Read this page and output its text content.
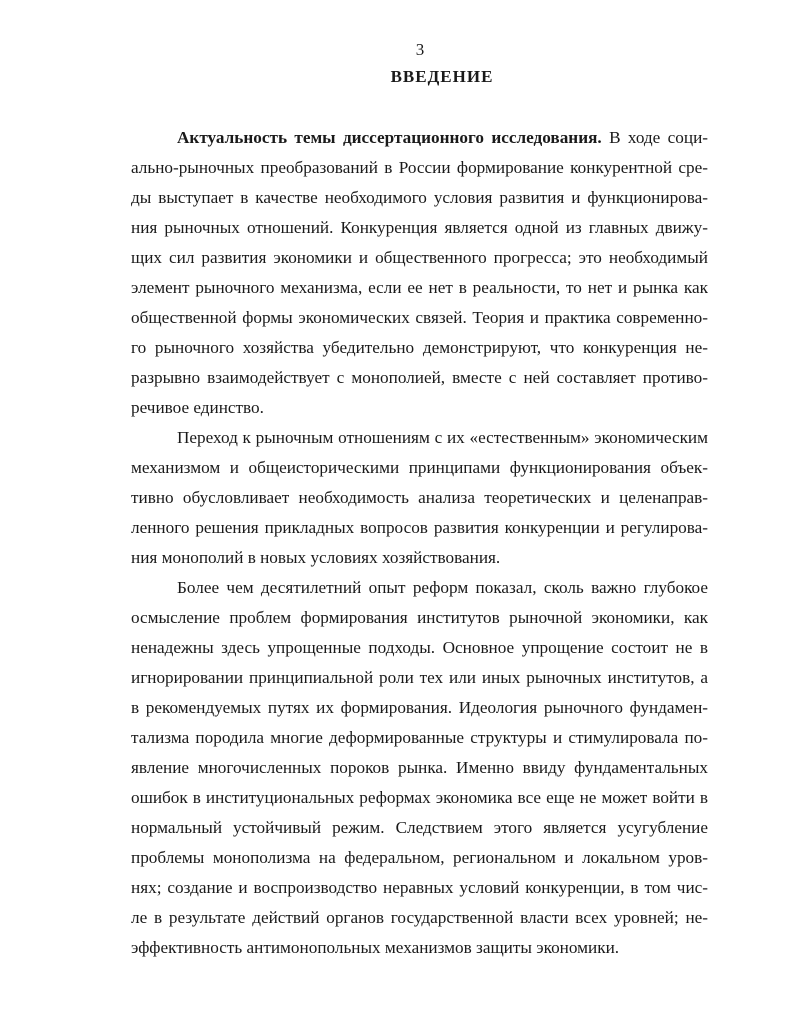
3
ВВЕДЕНИЕ
Актуальность темы диссертационного исследования. В ходе соци-
ально-рыночных преобразований в России формирование конкурентной сре-
ды выступает в качестве необходимого условия развития и функционирова-
ния рыночных отношений. Конкуренция является одной из главных движу-
щих сил развития экономики и общественного прогресса; это необходимый
элемент рыночного механизма, если ее нет в реальности, то нет и рынка как
общественной формы экономических связей. Теория и практика современно-
го рыночного хозяйства убедительно демонстрируют, что конкуренция не-
разрывно взаимодействует с монополией, вместе с ней составляет противо-
речивое единство.
Переход к рыночным отношениям с их «естественным» экономическим
механизмом и общеисторическими принципами функционирования объек-
тивно обусловливает необходимость анализа теоретических и целенаправ-
ленного решения прикладных вопросов развития конкуренции и регулирова-
ния монополий в новых условиях хозяйствования.
Более чем десятилетний опыт реформ показал, сколь важно глубокое
осмысление проблем формирования институтов рыночной экономики, как
ненадежны здесь упрощенные подходы. Основное упрощение состоит не в
игнорировании принципиальной роли тех или иных рыночных институтов, а
в рекомендуемых путях их формирования. Идеология рыночного фундамен-
тализма породила многие деформированные структуры и стимулировала по-
явление многочисленных пороков рынка. Именно ввиду фундаментальных
ошибок в институциональных реформах экономика все еще не может войти в
нормальный устойчивый режим. Следствием этого является усугубление
проблемы монополизма на федеральном, региональном и локальном уров-
нях; создание и воспроизводство неравных условий конкуренции, в том чис-
ле в результате действий органов государственной власти всех уровней; не-
эффективность антимонопольных механизмов защиты экономики.
